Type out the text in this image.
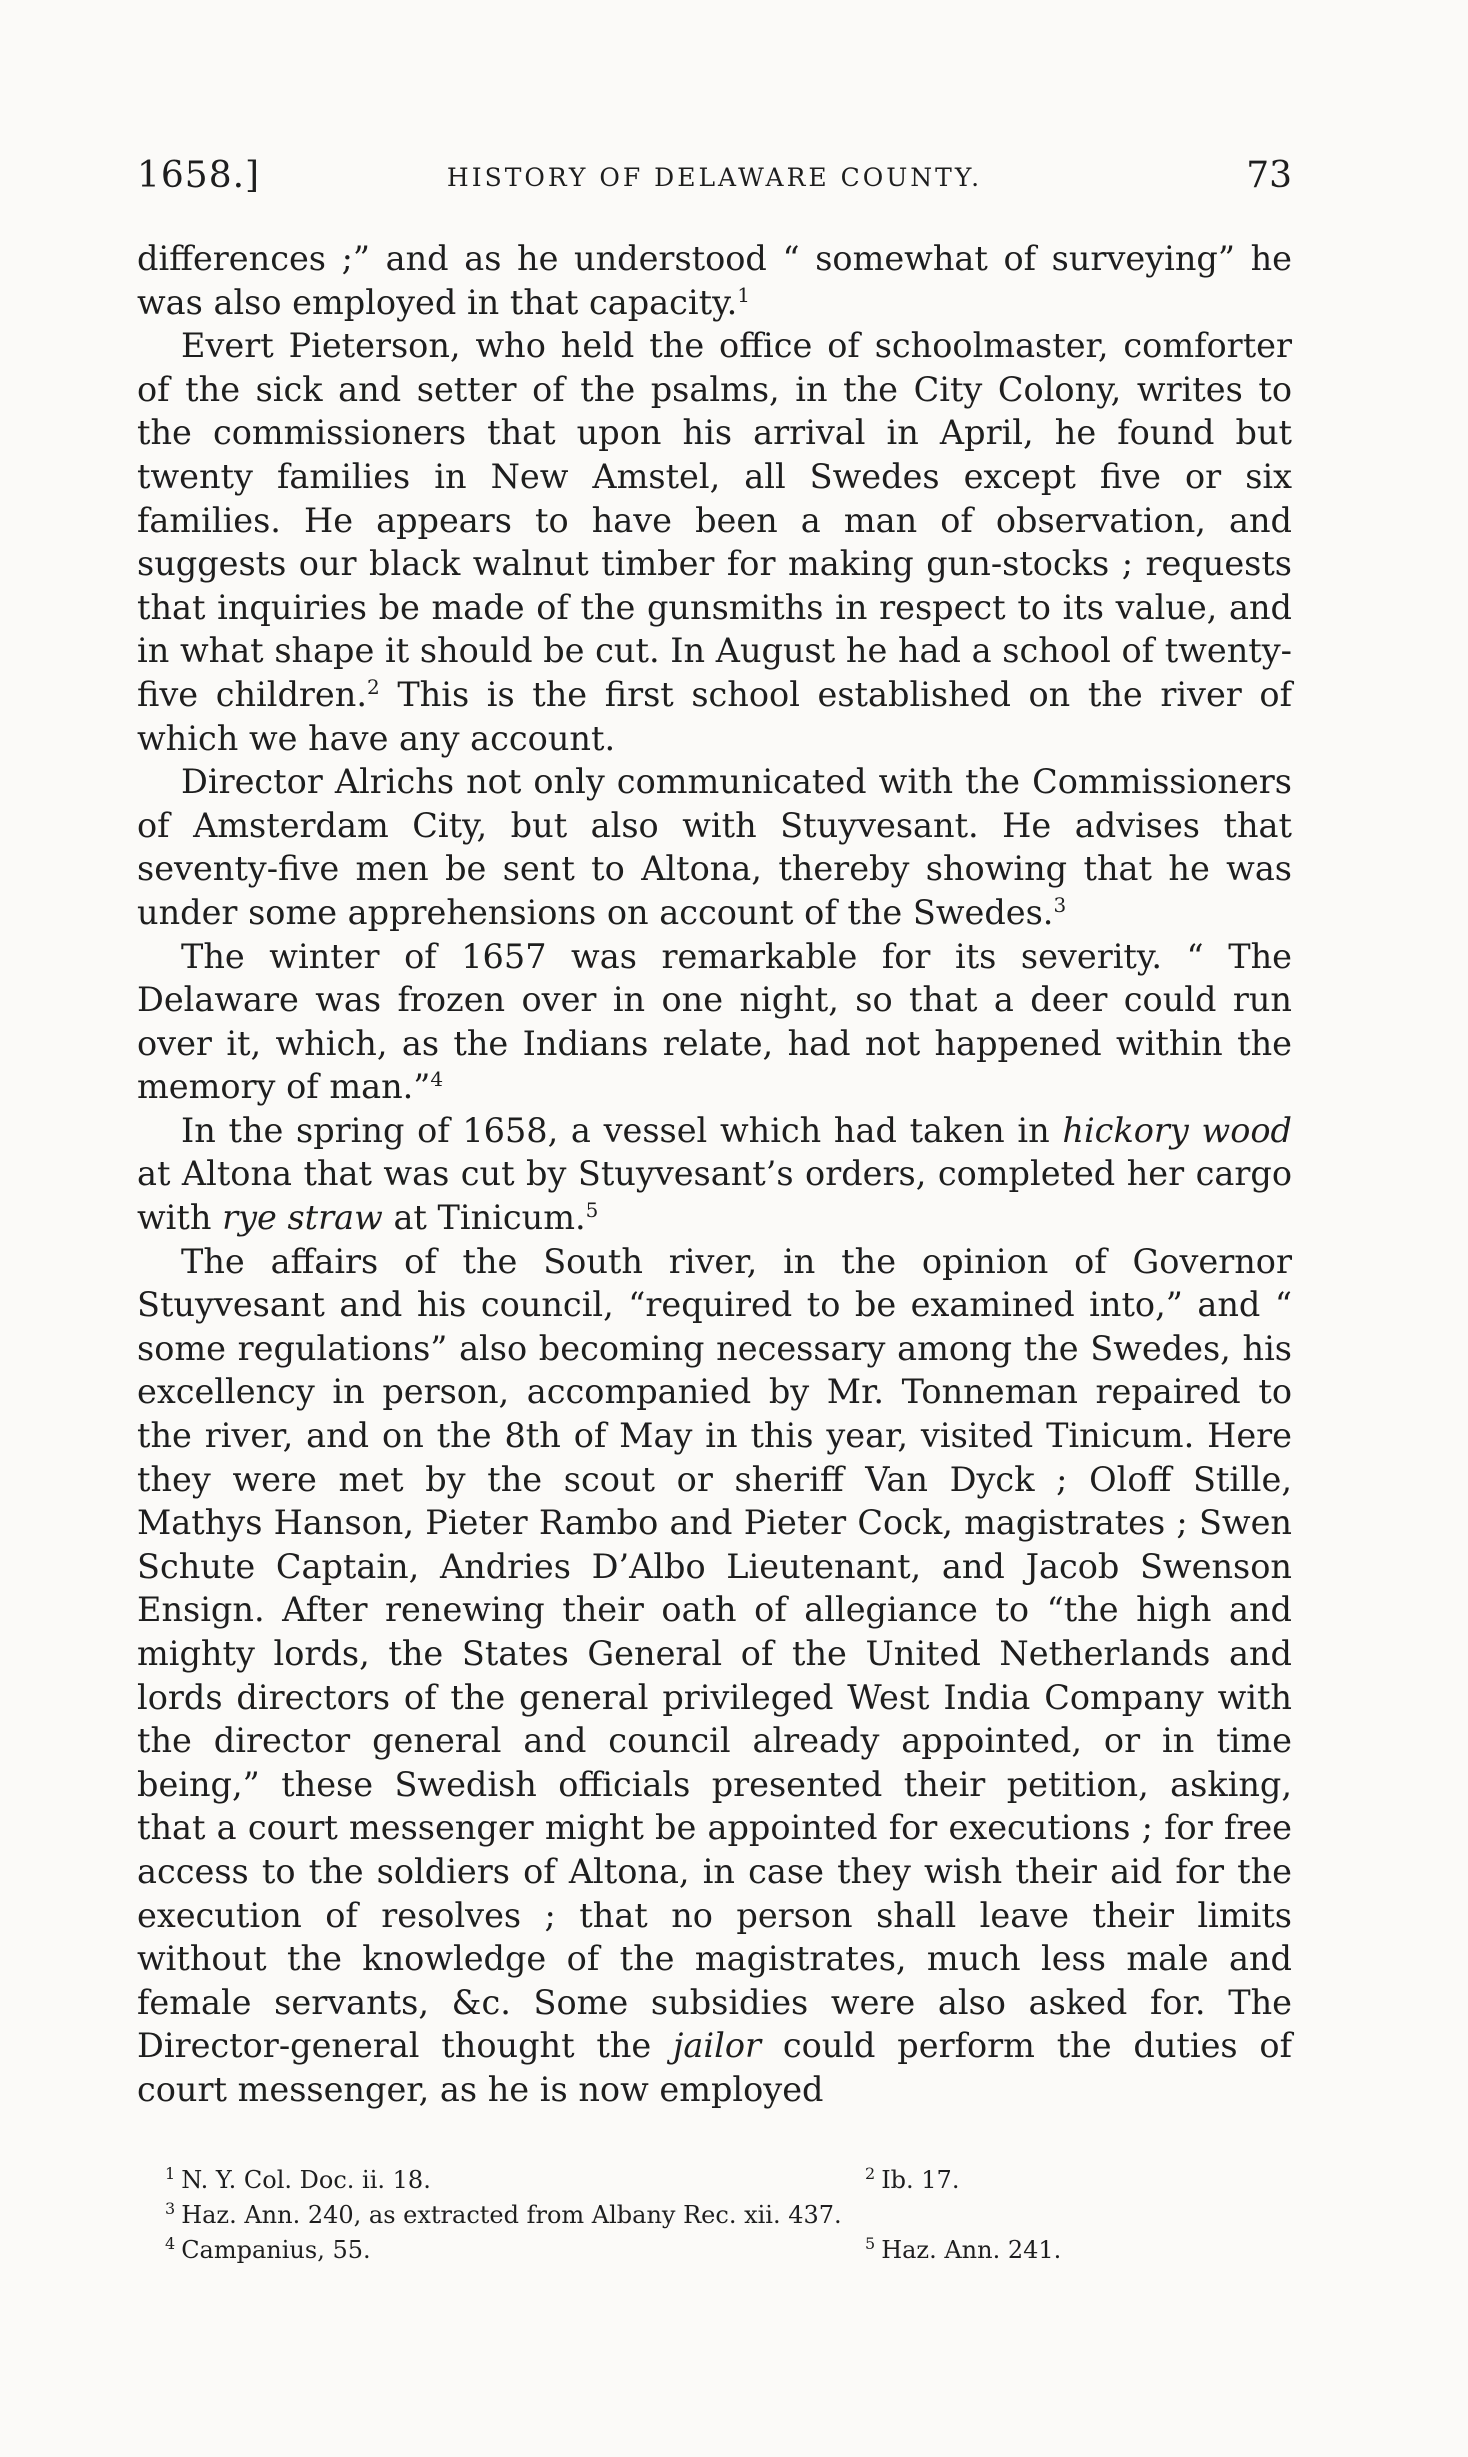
1658.]	HISTORY OF DELAWARE COUNTY.	73

differences ;” and as he understood “ somewhat of surveying” he was also employed in that capacity.$^1$

Evert Pieterson, who held the office of schoolmaster, comforter of the sick and setter of the psalms, in the City Colony, writes to the commissioners that upon his arrival in April, he found but twenty families in New Amstel, all Swedes except five or six families. He appears to have been a man of observation, and suggests our black walnut timber for making gun-stocks ; requests that inquiries be made of the gunsmiths in respect to its value, and in what shape it should be cut. In August he had a school of twenty-five children.$^2$ This is the first school established on the river of which we have any account.

Director Alrichs not only communicated with the Commissioners of Amsterdam City, but also with Stuyvesant. He advises that seventy-five men be sent to Altona, thereby showing that he was under some apprehensions on account of the Swedes.$^3$

The winter of 1657 was remarkable for its severity. “ The Delaware was frozen over in one night, so that a deer could run over it, which, as the Indians relate, had not happened within the memory of man.”$^4$

In the spring of 1658, a vessel which had taken in hickory wood at Altona that was cut by Stuyvesant’s orders, completed her cargo with rye straw at Tinicum.$^5$

The affairs of the South river, in the opinion of Governor Stuyvesant and his council, “required to be examined into,” and “ some regulations” also becoming necessary among the Swedes, his excellency in person, accompanied by Mr. Tonneman repaired to the river, and on the 8th of May in this year, visited Tinicum. Here they were met by the scout or sheriff Van Dyck ; Oloff Stille, Mathys Hanson, Pieter Rambo and Pieter Cock, magistrates ; Swen Schute Captain, Andries D’Albo Lieutenant, and Jacob Swenson Ensign. After renewing their oath of allegiance to “the high and mighty lords, the States General of the United Netherlands and lords directors of the general privileged West India Company with the director general and council already appointed, or in time being,” these Swedish officials presented their petition, asking, that a court messenger might be appointed for executions ; for free access to the soldiers of Altona, in case they wish their aid for the execution of resolves ; that no person shall leave their limits without the knowledge of the magistrates, much less male and female servants, &c. Some subsidies were also asked for. The Director-general thought the jailor could perform the duties of court messenger, as he is now employed

$^1$ N. Y. Col. Doc. ii. 18.	$^2$ Ib. 17.
$^3$ Haz. Ann. 240, as extracted from Albany Rec. xii. 437.
$^4$ Campanius, 55.	$^5$ Haz. Ann. 241.
